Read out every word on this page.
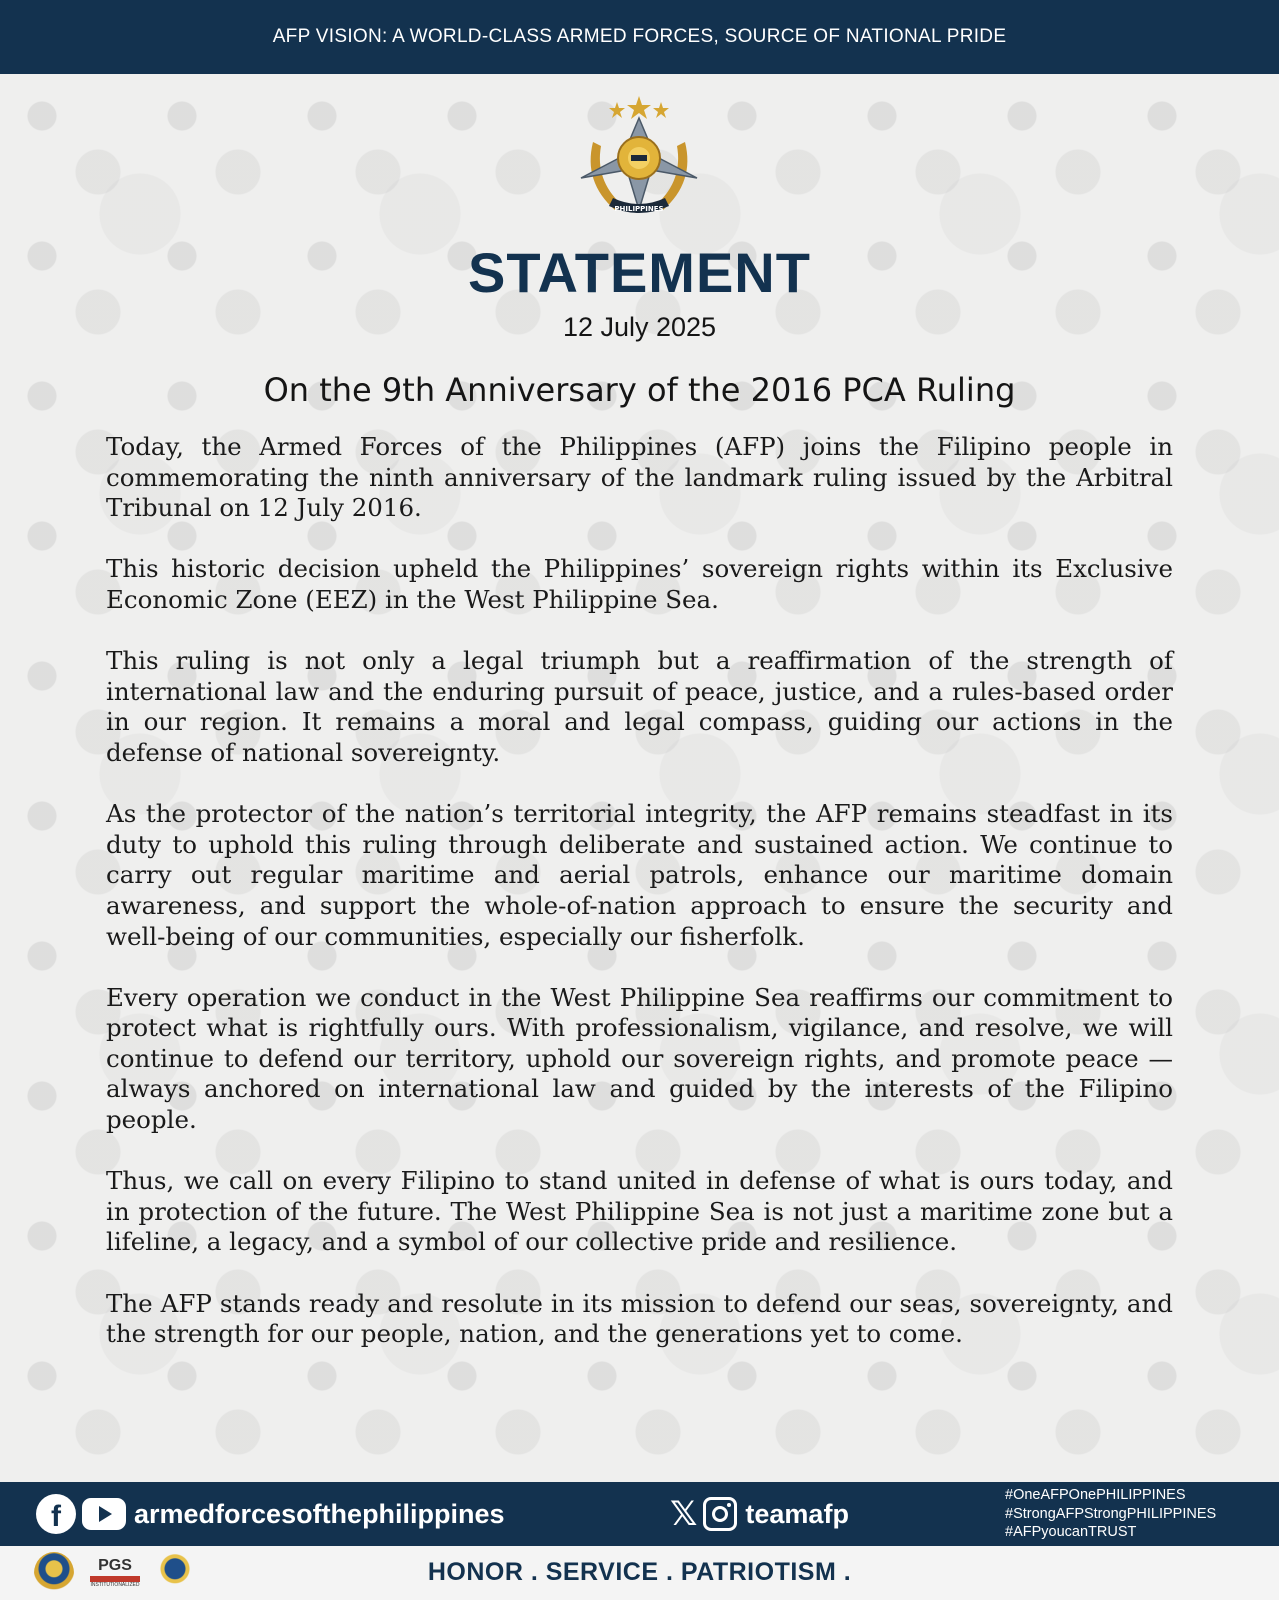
AFP VISION: A WORLD-CLASS ARMED FORCES, SOURCE OF NATIONAL PRIDE
PHILIPPINES
STATEMENT
12 July 2025
On the 9th Anniversary of the 2016 PCA Ruling

Today, the Armed Forces of the Philippines (AFP) joins the Filipino people in commemorating the ninth anniversary of the landmark ruling issued by the Arbitral Tribunal on 12 July 2016.

This historic decision upheld the Philippines’ sovereign rights within its Exclusive Economic Zone (EEZ) in the West Philippine Sea.

This ruling is not only a legal triumph but a reaffirmation of the strength of international law and the enduring pursuit of peace, justice, and a rules-based order in our region. It remains a moral and legal compass, guiding our actions in the defense of national sovereignty.

As the protector of the nation’s territorial integrity, the AFP remains steadfast in its duty to uphold this ruling through deliberate and sustained action. We continue to carry out regular maritime and aerial patrols, enhance our maritime domain awareness, and support the whole-of-nation approach to ensure the security and well-being of our communities, especially our fisherfolk.

Every operation we conduct in the West Philippine Sea reaffirms our commitment to protect what is rightfully ours. With professionalism, vigilance, and resolve, we will continue to defend our territory, uphold our sovereign rights, and promote peace — always anchored on international law and guided by the interests of the Filipino people.

Thus, we call on every Filipino to stand united in defense of what is ours today, and in protection of the future. The West Philippine Sea is not just a maritime zone but a lifeline, a legacy, and a symbol of our collective pride and resilience.

The AFP stands ready and resolute in its mission to defend our seas, sovereignty, and the strength for our people, nation, and the generations yet to come.

f	armedforcesofthephilippines	𝕏 teamafp
#OneAFPOnePHILIPPINES
#StrongAFPStrongPHILIPPINES
#AFPyoucanTRUST
PGS
INSTITUTIONALIZED	HONOR . SERVICE . PATRIOTISM .
